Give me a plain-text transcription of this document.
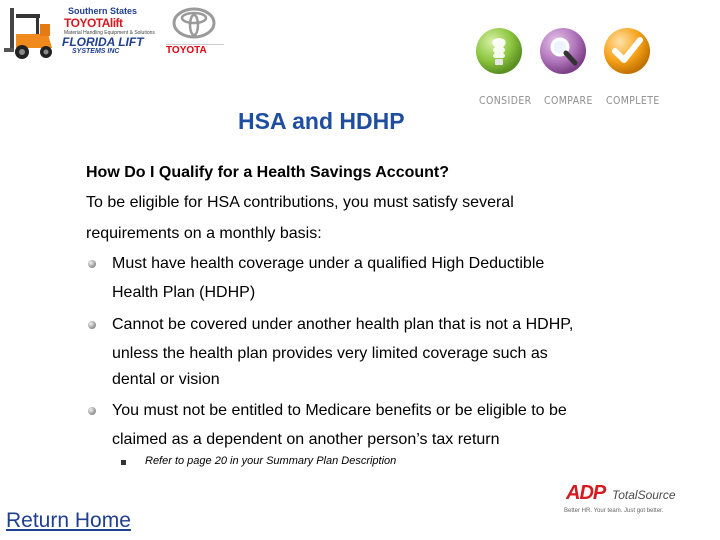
Southern States
TOYOTAlift
Material Handling Equipment & Solutions
FLORIDA LIFT
SYSTEMS INC	TOYOTA
CONSIDER COMPARE COMPLETE
HSA and HDHP
How Do I Qualify for a Health Savings Account?
To be eligible for HSA contributions, you must satisfy several
requirements on a monthly basis:
Must have health coverage under a qualified High Deductible
Health Plan (HDHP)
Cannot be covered under another health plan that is not a HDHP,
unless the health plan provides very limited coverage such as
dental or vision
You must not be entitled to Medicare benefits or be eligible to be
claimed as a dependent on another person’s tax return
Refer to page 20 in your Summary Plan Description
ADP TotalSource
Better HR. Your team. Just got better.
Return Home
